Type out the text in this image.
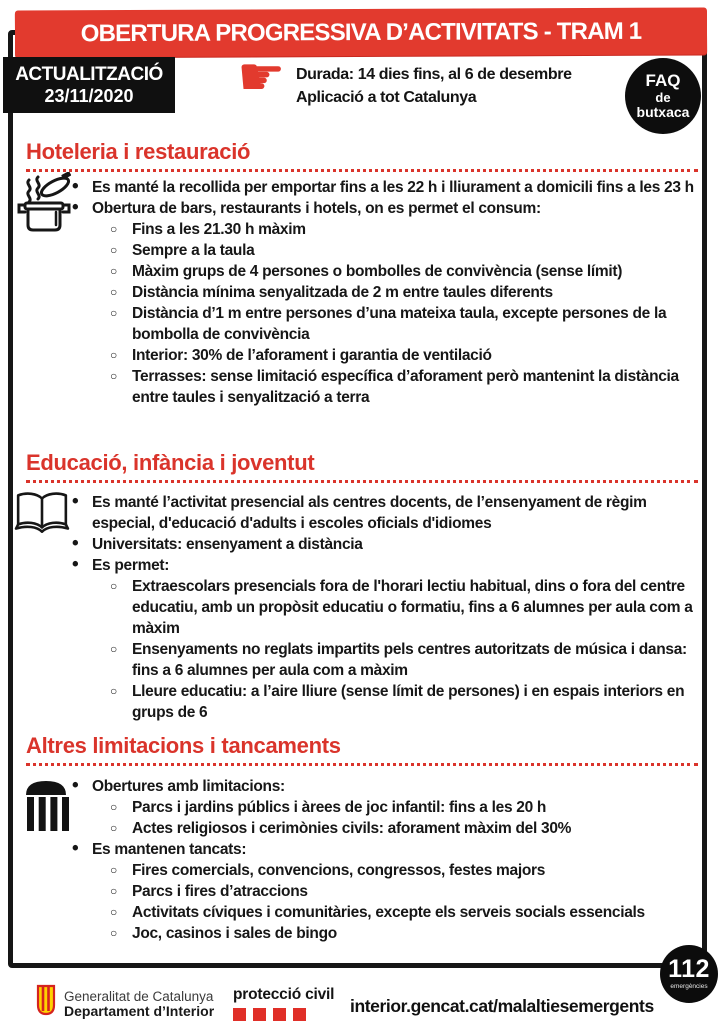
OBERTURA PROGRESSIVA D’ACTIVITATS - TRAM 1
ACTUALITZACIÓ
23/11/2020 ☛ Durada: 14 dies fins, al 6 de desembre
Aplicació a tot Catalunya
FAQ
de
butxaca
Hoteleria i restauració
• Es manté la recollida per emportar fins a les 22 h i lliurament a domicili fins a les 23 h
• Obertura de bars, restaurants i hotels, on es permet el consum:
○ Fins a les 21.30 h màxim
○ Sempre a la taula
○ Màxim grups de 4 persones o bombolles de convivència (sense límit)
○ Distància mínima senyalitzada de 2 m entre taules diferents
○ Distància d’1 m entre persones d’una mateixa taula, excepte persones de la bombolla de convivència
○ Interior: 30% de l’aforament i garantia de ventilació
○ Terrasses: sense limitació específica d’aforament però mantenint la distància entre taules i senyalització a terra
Educació, infància i joventut
• Es manté l’activitat presencial als centres docents, de l’ensenyament de règim especial, d'educació d'adults i escoles oficials d'idiomes
• Universitats: ensenyament a distància
• Es permet:
○ Extraescolars presencials fora de l'horari lectiu habitual, dins o fora del centre educatiu, amb un propòsit educatiu o formatiu, fins a 6 alumnes per aula com a màxim
○ Ensenyaments no reglats impartits pels centres autoritzats de música i dansa: fins a 6 alumnes per aula com a màxim
○ Lleure educatiu: a l’aire lliure (sense límit de persones) i en espais interiors en grups de 6
Altres limitacions i tancaments
• Obertures amb limitacions:
○ Parcs i jardins públics i àrees de joc infantil: fins a les 20 h
○ Actes religiosos i cerimònies civils: aforament màxim del 30%
• Es mantenen tancats:
○ Fires comercials, convencions, congressos, festes majors
○ Parcs i fires d’atraccions
○ Activitats cíviques i comunitàries, excepte els serveis socials essencials
○ Joc, casinos i sales de bingo
Generalitat de Catalunya
Departament d’Interior
protecció civil
interior.gencat.cat/malaltiesemergents
112
emergències
